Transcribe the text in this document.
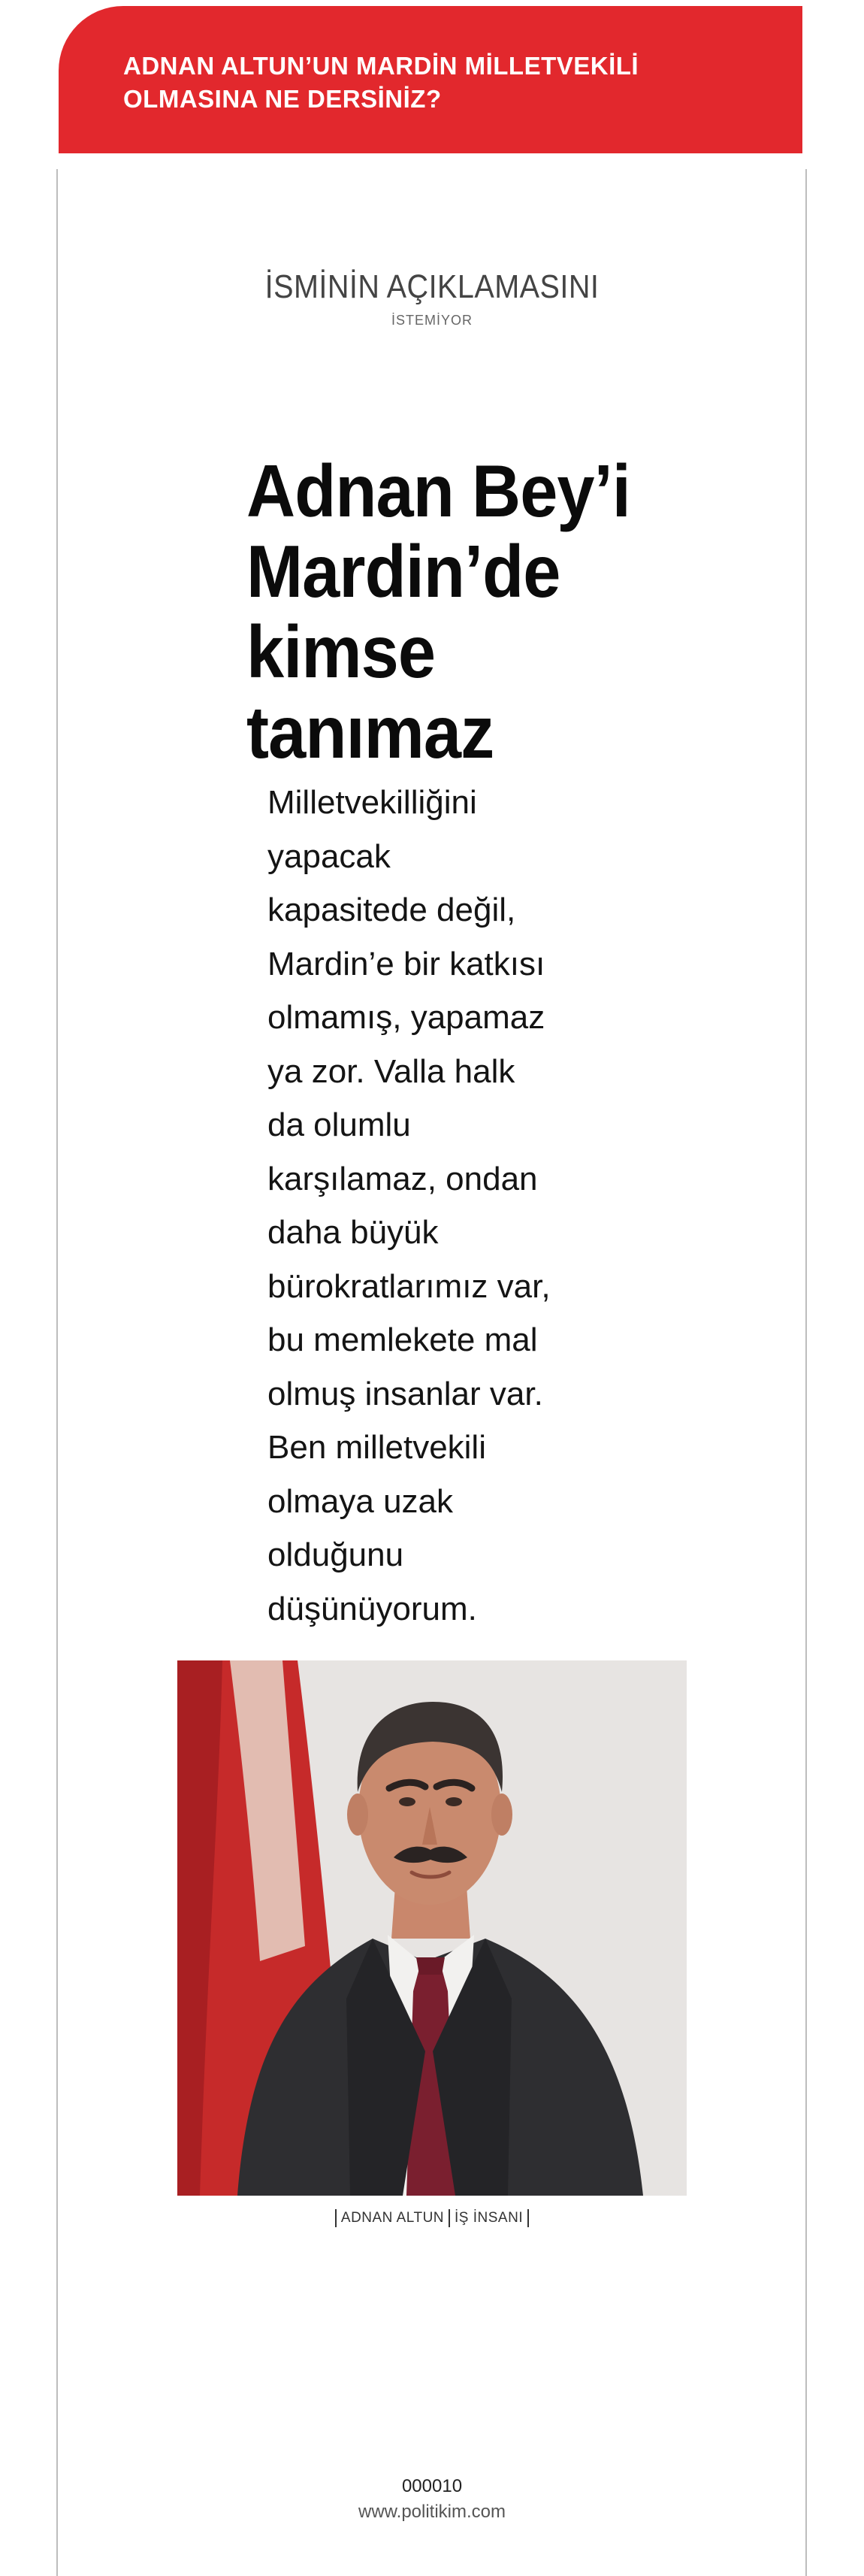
ADNAN ALTUN’UN MARDİN MİLLETVEKİLİ OLMASINA NE DERSİNİZ?
İSMİNİN AÇIKLAMASINI
İSTEMİYOR
Adnan Bey’i Mardin’de kimse tanımaz
Milletvekilliğini
yapacak
kapasitede değil,
Mardin’e bir katkısı
olmamış, yapamaz
ya zor. Valla halk
da olumlu
karşılamaz, ondan
daha büyük
bürokratlarımız var,
bu memlekete mal
olmuş insanlar var.
Ben milletvekili
olmaya uzak
olduğunu
düşünüyorum.
ADNAN ALTUN İŞ İNSANI
000010
www.politikim.com
